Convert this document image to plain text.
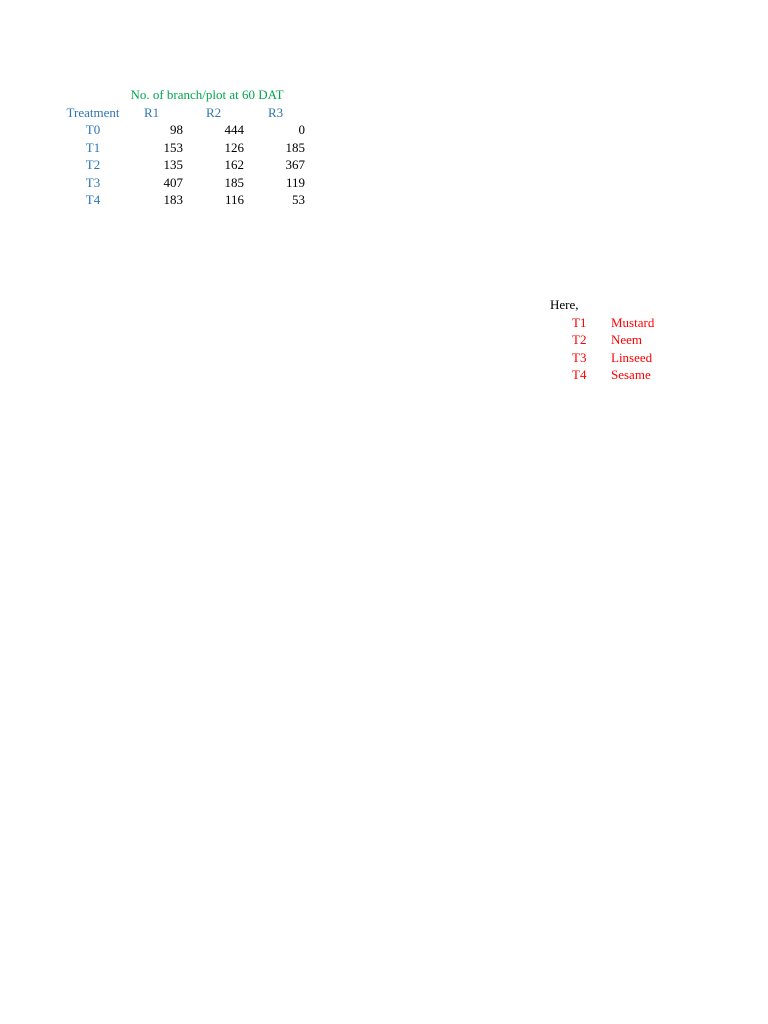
No. of branch/plot at 60 DAT
Treatment	R1	R2	R3
T0	98	444	0
T1	153	126	185
T2	135	162	367
T3	407	185	119
T4	183	116	53
Here,
T1 Mustard
T2 Neem
T3 Linseed
T4 Sesame
